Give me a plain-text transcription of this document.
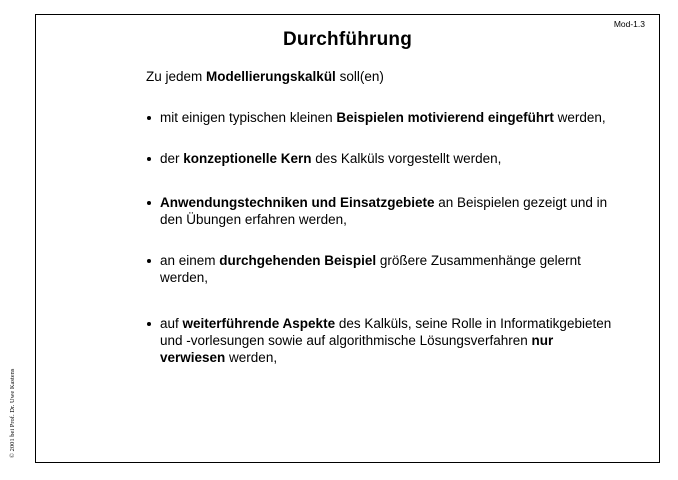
Mod-1.3
Durchführung
Zu jedem Modellierungskalkül soll(en)
mit einigen typischen kleinen Beispielen motivierend eingeführt werden,
der konzeptionelle Kern des Kalküls vorgestellt werden,
Anwendungstechniken und Einsatzgebiete an Beispielen gezeigt und in den Übungen erfahren werden,
an einem durchgehenden Beispiel größere Zusammenhänge gelernt werden,
auf weiterführende Aspekte des Kalküls, seine Rolle in Informatikgebieten und -vorlesungen sowie auf algorithmische Lösungsverfahren nur verwiesen werden,
© 2001 bei Prof. Dr. Uwe Kastens
